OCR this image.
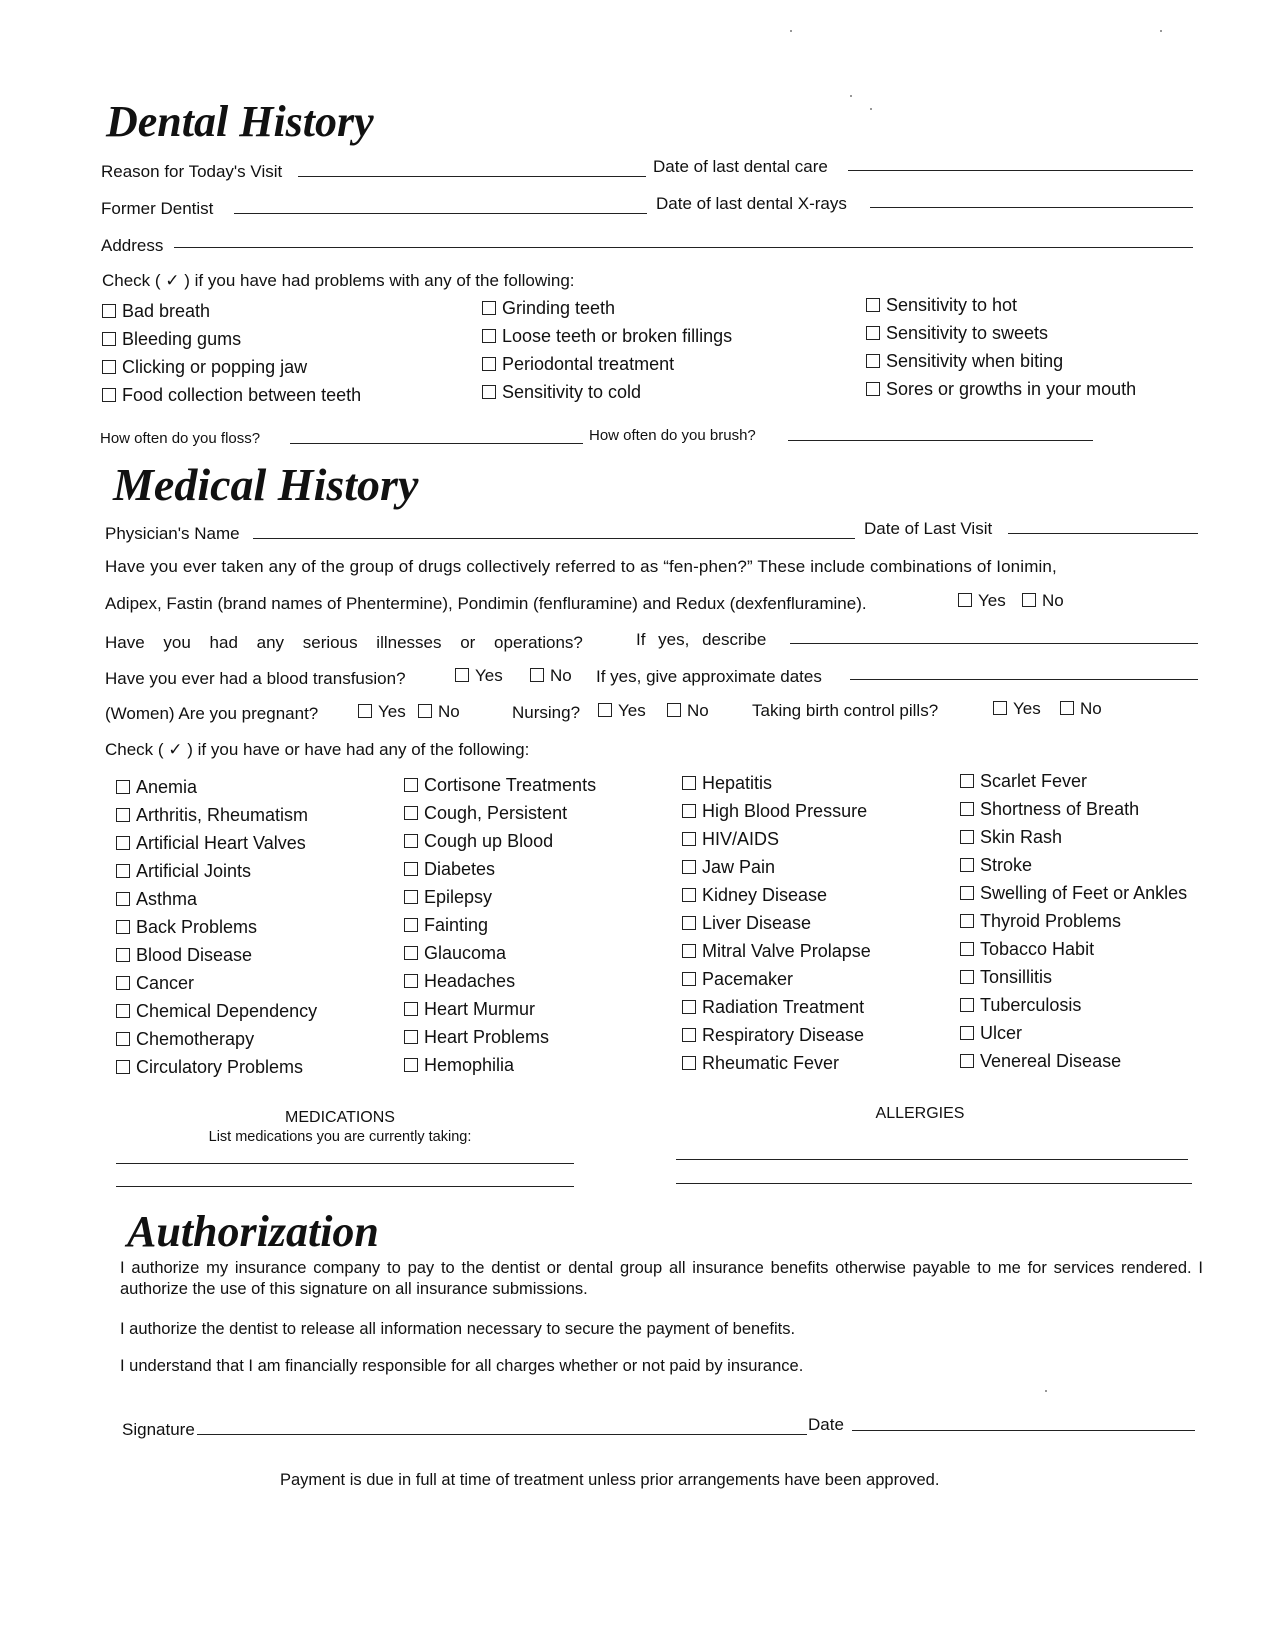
Dental History
Reason for Today's Visit	Date of last dental care
Former Dentist	Date of last dental X-rays
Address
Check ( ✓ ) if you have had problems with any of the following:
Bad breath
Bleeding gums
Clicking or popping jaw
Food collection between teeth
Grinding teeth
Loose teeth or broken fillings
Periodontal treatment
Sensitivity to cold
Sensitivity to hot
Sensitivity to sweets
Sensitivity when biting
Sores or growths in your mouth
How often do you floss?	How often do you brush?
Medical History
Physician's Name	Date of Last Visit
Have you ever taken any of the group of drugs collectively referred to as “fen-phen?” These include combinations of Ionimin,
Adipex, Fastin (brand names of Phentermine), Pondimin (fenfluramine) and Redux (dexfenfluramine).	Yes	No
Have you had any serious illnesses or operations?	If yes, describe
Have you ever had a blood transfusion?	Yes	No If yes, give approximate dates
(Women) Are you pregnant?	Yes	No	Nursing?	Yes	No	Taking birth control pills?	Yes	No
Check ( ✓ ) if you have or have had any of the following:
Anemia
Arthritis, Rheumatism
Artificial Heart Valves
Artificial Joints
Asthma
Back Problems
Blood Disease
Cancer
Chemical Dependency
Chemotherapy
Circulatory Problems
Cortisone Treatments
Cough, Persistent
Cough up Blood
Diabetes
Epilepsy
Fainting
Glaucoma
Headaches
Heart Murmur
Heart Problems
Hemophilia
Hepatitis
High Blood Pressure
HIV/AIDS
Jaw Pain
Kidney Disease
Liver Disease
Mitral Valve Prolapse
Pacemaker
Radiation Treatment
Respiratory Disease
Rheumatic Fever
Scarlet Fever
Shortness of Breath
Skin Rash
Stroke
Swelling of Feet or Ankles
Thyroid Problems
Tobacco Habit
Tonsillitis
Tuberculosis
Ulcer
Venereal Disease
MEDICATIONS
List medications you are currently taking:
ALLERGIES
Authorization
I authorize my insurance company to pay to the dentist or dental group all insurance benefits otherwise payable to me for services rendered. I authorize the use of this signature on all insurance submissions.
I authorize the dentist to release all information necessary to secure the payment of benefits.
I understand that I am financially responsible for all charges whether or not paid by insurance.
Signature	Date
Payment is due in full at time of treatment unless prior arrangements have been approved.
